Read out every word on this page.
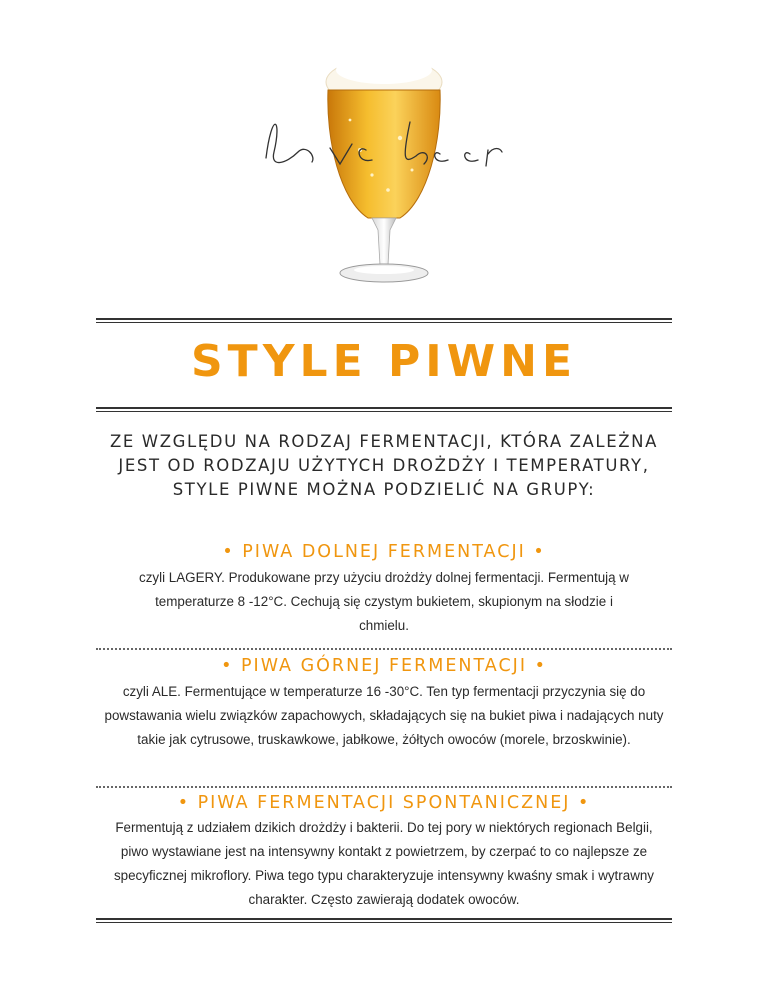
love beer
STYLE PIWNE
ZE WZGLĘDU NA RODZAJ FERMENTACJI, KTÓRA ZALEŻNA JEST OD RODZAJU UŻYTYCH DROŻDŻY I TEMPERATURY, STYLE PIWNE MOŻNA PODZIELIĆ NA GRUPY:
• PIWA DOLNEJ FERMENTACJI •
czyli LAGERY. Produkowane przy użyciu drożdży dolnej fermentacji. Fermentują w temperaturze 8 -12°C. Cechują się czystym bukietem, skupionym na słodzie i chmielu.
• PIWA GÓRNEJ FERMENTACJI •
czyli ALE. Fermentujące w temperaturze 16 -30°C. Ten typ fermentacji przyczynia się do powstawania wielu związków zapachowych, składających się na bukiet piwa i nadających nuty takie jak cytrusowe, truskawkowe, jabłkowe, żółtych owoców (morele, brzoskwinie).
• PIWA FERMENTACJI SPONTANICZNEJ •
Fermentują z udziałem dzikich drożdży i bakterii. Do tej pory w niektórych regionach Belgii, piwo wystawiane jest na intensywny kontakt z powietrzem, by czerpać to co najlepsze ze specyficznej mikroflory. Piwa tego typu charakteryzuje intensywny kwaśny smak i wytrawny charakter. Często zawierają dodatek owoców.
